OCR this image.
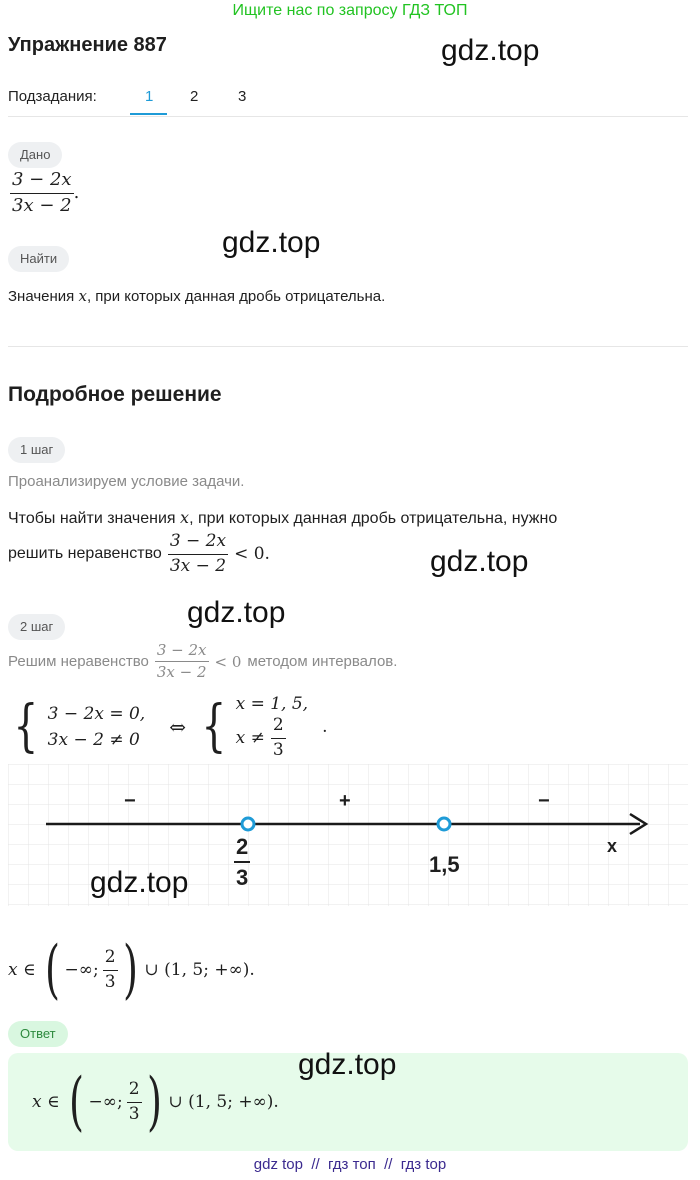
Ищите нас по запросу ГДЗ ТОП
Упражнение 887	gdz.top
Подзадания:	1 2	3
Дано
$\frac{3 - 2x}{3x - 2}$ .
Найти	gdz.top
Значения x, при которых данная дробь отрицательна.
Подробное решение
1 шаг
Проанализируем условие задачи.
Чтобы найти значения x, при которых данная дробь отрицательна, нужно
решить неравенство $\frac{3 - 2x}{3x - 2} < 0$.	gdz.top
gdz.top
2 шаг
Решим неравенство $\frac{3 - 2x}{3x - 2} < 0$ методом интервалов.
{ 3 − 2x = 0,
3x − 2 ≠ 0
⇔ { x = 1, 5,
$x \ne \frac{2}{3}$ .
−	+	−
$\frac{2}{3}$	1,5
x
gdz.top
x ∈ ( −∞; $\frac{2}{3}$ ) ∪ (1, 5; +∞).
Ответ
gdz.top
x ∈ ( −∞; $\frac{2}{3}$ ) ∪ (1, 5; +∞).
gdz top  //  гдз топ  //  гдз top
